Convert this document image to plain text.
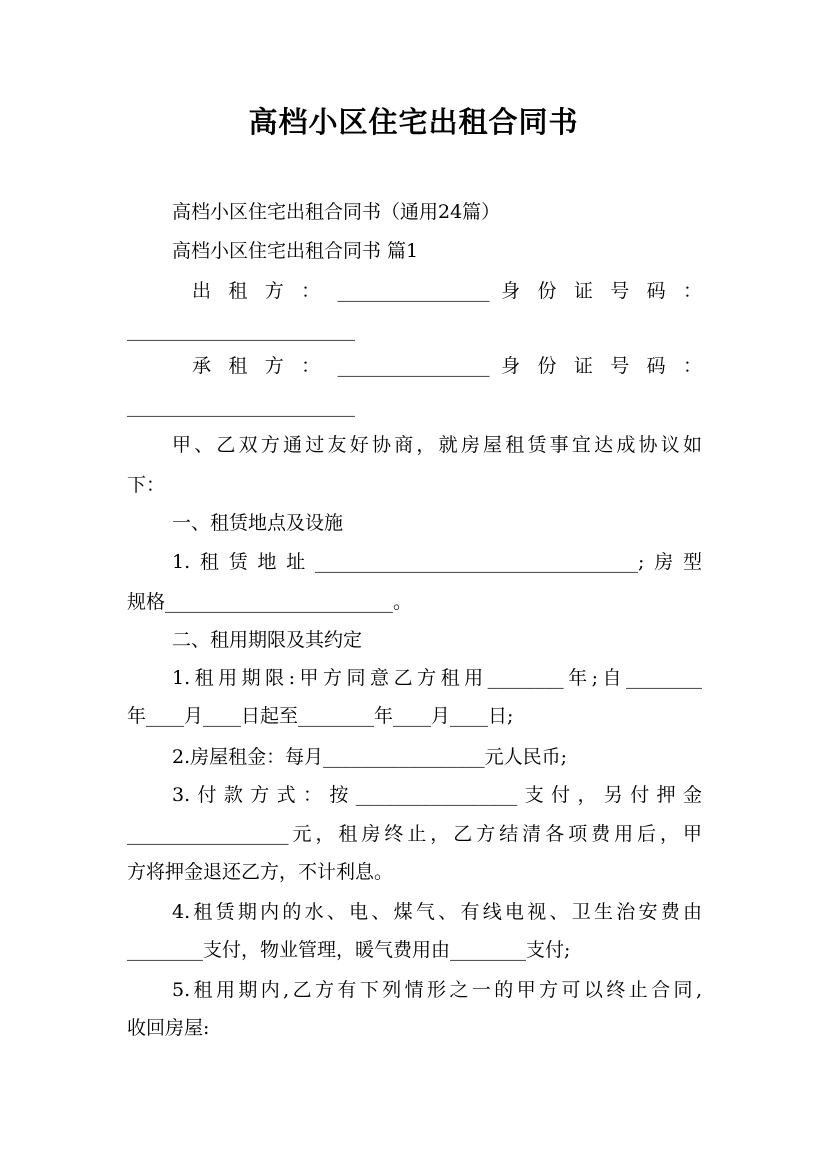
高档小区住宅出租合同书
高档小区住宅出租合同书（通用24篇）
高档小区住宅出租合同书 篇1
出 租 方 ： ________________ 身 份 证 号 码 ：
________________________
承 租 方 ： ________________ 身 份 证 号 码 ：
________________________
甲、乙双方通过友好协商，就房屋租赁事宜达成协议如
下：
一、租赁地点及设施
1.租赁地址__________________________________;房型
规格________________________。
二、租用期限及其约定
1.租用期限:甲方同意乙方租用________年;自________
年____月____日起至________年____月____日;
2.房屋租金：每月_________________元人民币;
3.付款方式：按_________________支付，另付押金
_________________元，租房终止，乙方结清各项费用后，甲
方将押金退还乙方，不计利息。
4.租赁期内的水、电、煤气、有线电视、卫生治安费由
________支付，物业管理，暖气费用由________支付;
5.租用期内,乙方有下列情形之一的甲方可以终止合同,
收回房屋:
